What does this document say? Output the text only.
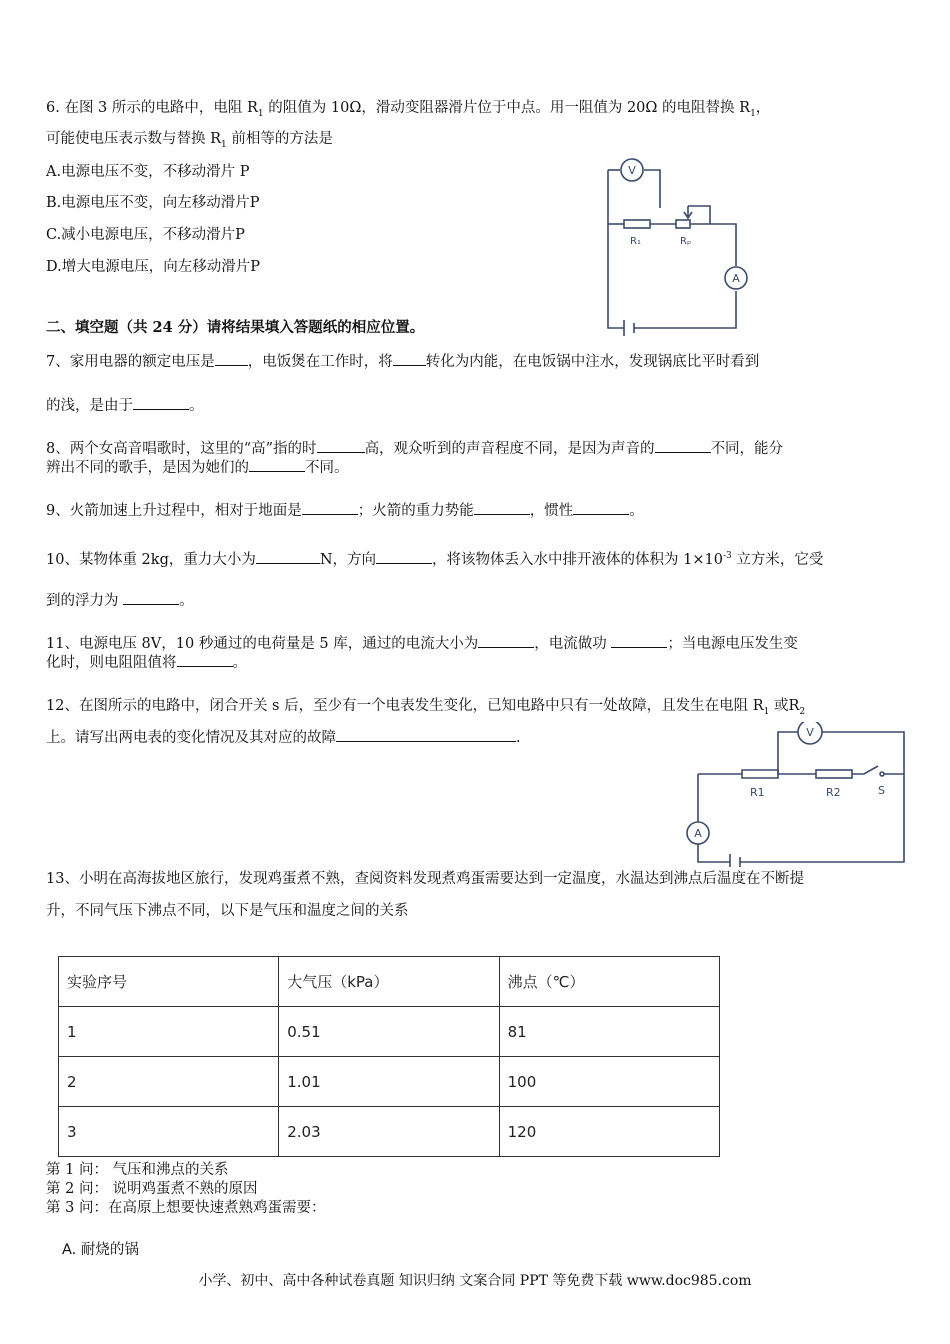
6. 在图 3 所示的电路中，电阻 $R_1$ 的阻值为 10Ω，滑动变阻器滑片位于中点。用一阻值为 20Ω 的电阻替换 $R_1$，
可能使电压表示数与替换 $R_1$ 前相等的方法是
A.电源电压不变，不移动滑片 P
B.电源电压不变，向左移动滑片P
C.减小电源电压，不移动滑片P
D.增大电源电压，向左移动滑片P
V
A
R₁	Rₚ
二、填空题（共 24 分）请将结果填入答题纸的相应位置。
7、家用电器的额定电压是 ，电饭煲在工作时，将 转化为内能，在电饭锅中注水，发现锅底比平时看到
的浅，是由于	。
8、两个女高音唱歌时，这里的“高”指的时	高，观众听到的声音程度不同，是因为声音的	不同，能分
辨出不同的歌手，是因为她们的	不同。
9、火箭加速上升过程中，相对于地面是	；火箭的重力势能	，惯性	。
10、某物体重 2kg，重力大小为	N，方向	，将该物体丢入水中排开液体的体积为 $1\times 10^{-3}$ 立方米，它受
到的浮力为	。
11、电源电压 8V，10 秒通过的电荷量是 5 库，通过的电流大小为	，电流做功	；当电源电压发生变
化时，则电阻阻值将	。
12、在图所示的电路中，闭合开关 s 后，至少有一个电表发生变化，已知电路中只有一处故障，且发生在电阻 $R_1$ 或$R_2$
上。请写出两电表的变化情况及其对应的故障	.	V
A
R1	R2	S
13、小明在高海拔地区旅行，发现鸡蛋煮不熟，查阅资料发现煮鸡蛋需要达到一定温度，水温达到沸点后温度在不断提
升，不同气压下沸点不同，以下是气压和温度之间的关系
实验序号	大气压（kPa）	沸点（℃）
1	0.51	81
2	1.01	100
3	2.03	120
第 1 问： 气压和沸点的关系
第 2 问： 说明鸡蛋煮不熟的原因
第 3 问：在高原上想要快速煮熟鸡蛋需要：
A. 耐烧的锅
小学、初中、高中各种试卷真题 知识归纳 文案合同 PPT 等免费下载 www.doc985.com
